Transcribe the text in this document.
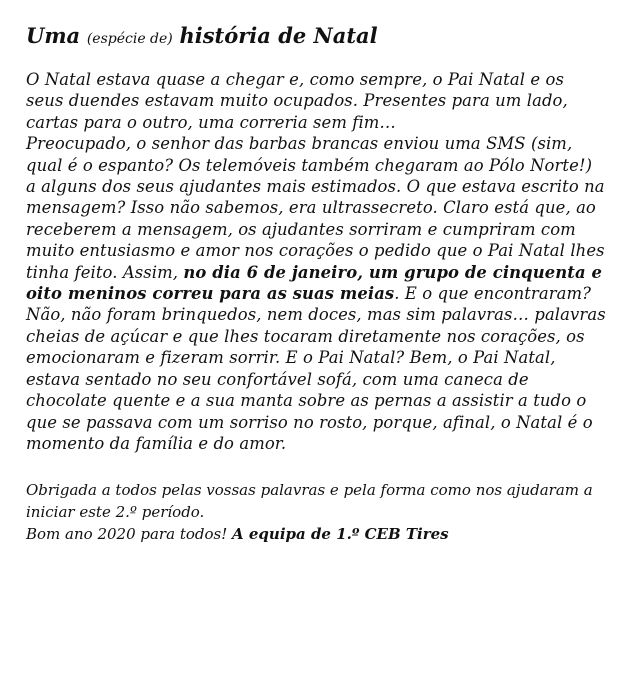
Uma (espécie de) história de Natal

O Natal estava quase a chegar e, como sempre, o Pai Natal e os seus duendes estavam muito ocupados. Presentes para um lado, cartas para o outro, uma correria sem fim…

Preocupado, o senhor das barbas brancas enviou uma SMS (sim, qual é o espanto? Os telemóveis também chegaram ao Pólo Norte!) a alguns dos seus ajudantes mais estimados. O que estava escrito na mensagem? Isso não sabemos, era ultrassecreto. Claro está que, ao receberem a mensagem, os ajudantes sorriram e cumpriram com muito entusiasmo e amor nos corações o pedido que o Pai Natal lhes tinha feito. Assim, no dia 6 de janeiro, um grupo de cinquenta e oito meninos correu para as suas meias. E o que encontraram? Não, não foram brinquedos, nem doces, mas sim palavras… palavras cheias de açúcar e que lhes tocaram diretamente nos corações, os emocionaram e fizeram sorrir. E o Pai Natal? Bem, o Pai Natal, estava sentado no seu confortável sofá, com uma caneca de chocolate quente e a sua manta sobre as pernas a assistir a tudo o que se passava com um sorriso no rosto, porque, afinal, o Natal é o momento da família e do amor.

Obrigada a todos pelas vossas palavras e pela forma como nos ajudaram a iniciar este 2.º período.

Bom ano 2020 para todos! A equipa de 1.º CEB Tires
